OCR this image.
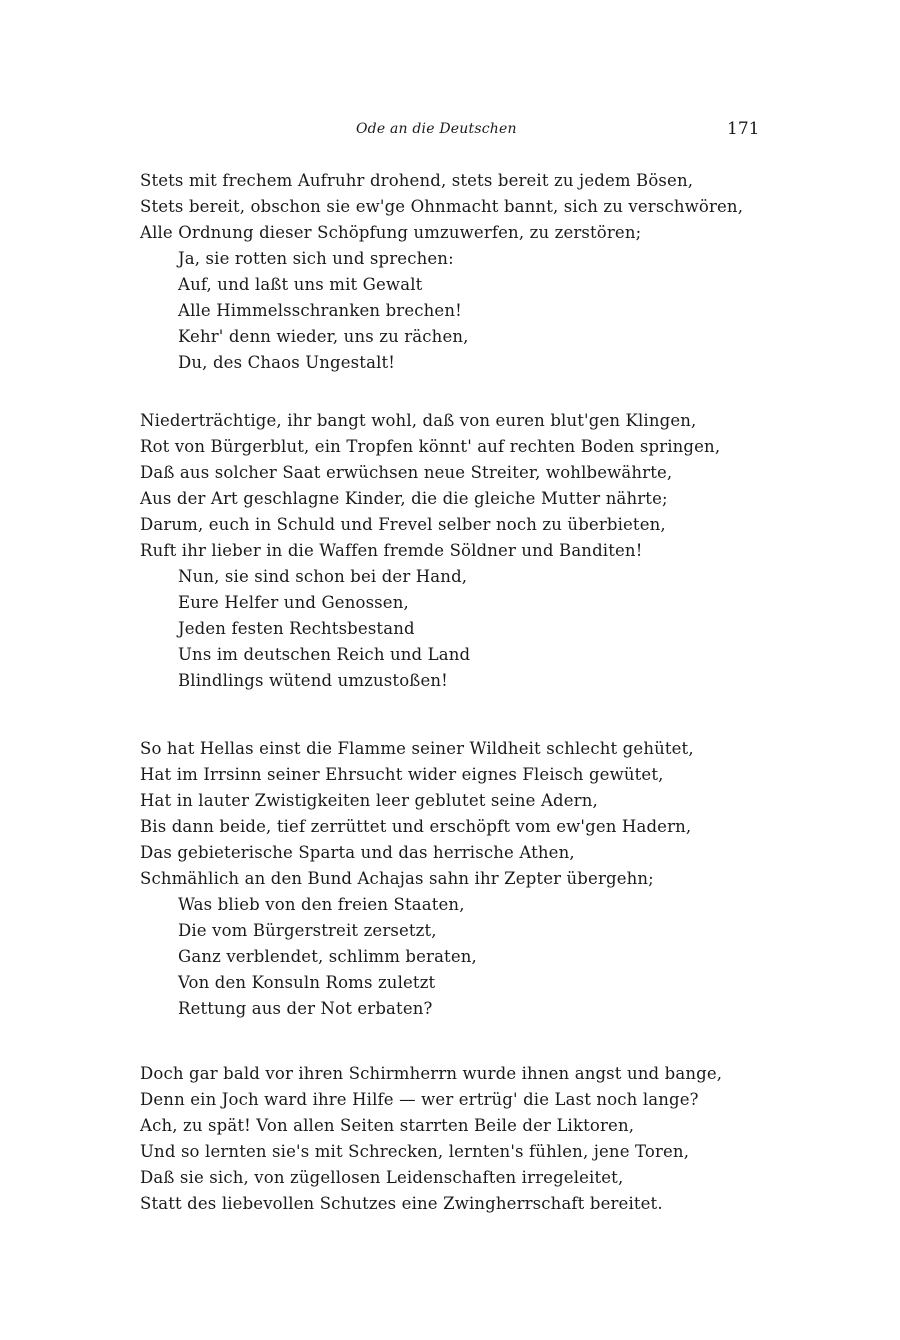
Ode an die Deutschen	171
Stets mit frechem Aufruhr drohend, stets bereit zu jedem Bösen,
Stets bereit, obschon sie ew'ge Ohnmacht bannt, sich zu verschwören,
Alle Ordnung dieser Schöpfung umzuwerfen, zu zerstören;
Ja, sie rotten sich und sprechen:
Auf, und laßt uns mit Gewalt
Alle Himmelsschranken brechen!
Kehr' denn wieder, uns zu rächen,
Du, des Chaos Ungestalt!
Niederträchtige, ihr bangt wohl, daß von euren blut'gen Klingen,
Rot von Bürgerblut, ein Tropfen könnt' auf rechten Boden springen,
Daß aus solcher Saat erwüchsen neue Streiter, wohlbewährte,
Aus der Art geschlagne Kinder, die die gleiche Mutter nährte;
Darum, euch in Schuld und Frevel selber noch zu überbieten,
Ruft ihr lieber in die Waffen fremde Söldner und Banditen!
Nun, sie sind schon bei der Hand,
Eure Helfer und Genossen,
Jeden festen Rechtsbestand
Uns im deutschen Reich und Land
Blindlings wütend umzustoßen!
So hat Hellas einst die Flamme seiner Wildheit schlecht gehütet,
Hat im Irrsinn seiner Ehrsucht wider eignes Fleisch gewütet,
Hat in lauter Zwistigkeiten leer geblutet seine Adern,
Bis dann beide, tief zerrüttet und erschöpft vom ew'gen Hadern,
Das gebieterische Sparta und das herrische Athen,
Schmählich an den Bund Achajas sahn ihr Zepter übergehn;
Was blieb von den freien Staaten,
Die vom Bürgerstreit zersetzt,
Ganz verblendet, schlimm beraten,
Von den Konsuln Roms zuletzt
Rettung aus der Not erbaten?
Doch gar bald vor ihren Schirmherrn wurde ihnen angst und bange,
Denn ein Joch ward ihre Hilfe — wer ertrüg' die Last noch lange?
Ach, zu spät! Von allen Seiten starrten Beile der Liktoren,
Und so lernten sie's mit Schrecken, lernten's fühlen, jene Toren,
Daß sie sich, von zügellosen Leidenschaften irregeleitet,
Statt des liebevollen Schutzes eine Zwingherrschaft bereitet.
